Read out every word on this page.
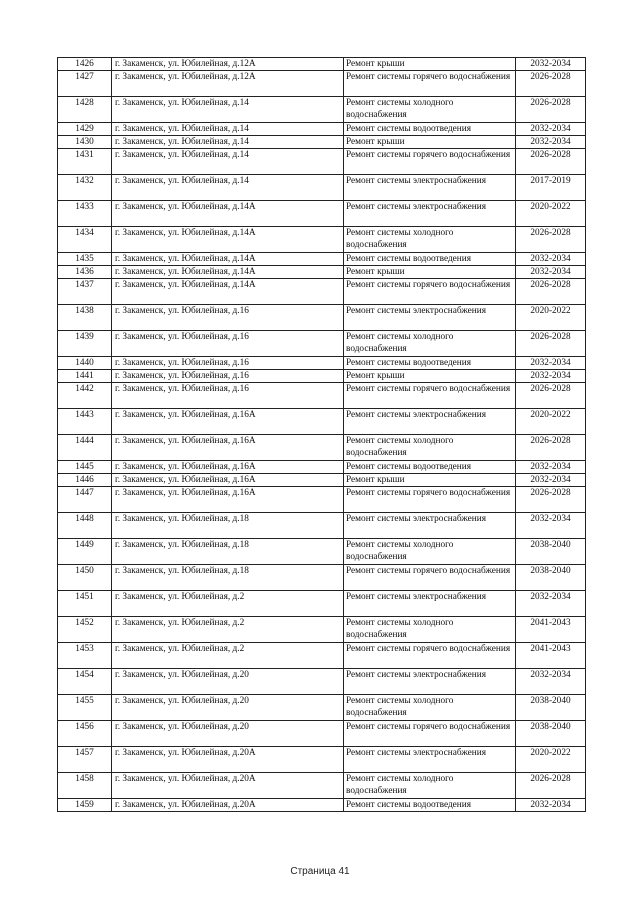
1426	г. Закаменск, ул. Юбилейная, д.12А	Ремонт крыши	2032-2034
1427	г. Закаменск, ул. Юбилейная, д.12А	Ремонт системы горячего водоснабжения	2026-2028
1428	г. Закаменск, ул. Юбилейная, д.14	Ремонт системы холодного водоснабжения	2026-2028
1429	г. Закаменск, ул. Юбилейная, д.14	Ремонт системы водоотведения	2032-2034
1430	г. Закаменск, ул. Юбилейная, д.14	Ремонт крыши	2032-2034
1431	г. Закаменск, ул. Юбилейная, д.14	Ремонт системы горячего водоснабжения	2026-2028
1432	г. Закаменск, ул. Юбилейная, д.14	Ремонт системы электроснабжения	2017-2019
1433	г. Закаменск, ул. Юбилейная, д.14А	Ремонт системы электроснабжения	2020-2022
1434	г. Закаменск, ул. Юбилейная, д.14А	Ремонт системы холодного водоснабжения	2026-2028
1435	г. Закаменск, ул. Юбилейная, д.14А	Ремонт системы водоотведения	2032-2034
1436	г. Закаменск, ул. Юбилейная, д.14А	Ремонт крыши	2032-2034
1437	г. Закаменск, ул. Юбилейная, д.14А	Ремонт системы горячего водоснабжения	2026-2028
1438	г. Закаменск, ул. Юбилейная, д.16	Ремонт системы электроснабжения	2020-2022
1439	г. Закаменск, ул. Юбилейная, д.16	Ремонт системы холодного водоснабжения	2026-2028
1440	г. Закаменск, ул. Юбилейная, д.16	Ремонт системы водоотведения	2032-2034
1441	г. Закаменск, ул. Юбилейная, д.16	Ремонт крыши	2032-2034
1442	г. Закаменск, ул. Юбилейная, д.16	Ремонт системы горячего водоснабжения	2026-2028
1443	г. Закаменск, ул. Юбилейная, д.16А	Ремонт системы электроснабжения	2020-2022
1444	г. Закаменск, ул. Юбилейная, д.16А	Ремонт системы холодного водоснабжения	2026-2028
1445	г. Закаменск, ул. Юбилейная, д.16А	Ремонт системы водоотведения	2032-2034
1446	г. Закаменск, ул. Юбилейная, д.16А	Ремонт крыши	2032-2034
1447	г. Закаменск, ул. Юбилейная, д.16А	Ремонт системы горячего водоснабжения	2026-2028
1448	г. Закаменск, ул. Юбилейная, д.18	Ремонт системы электроснабжения	2032-2034
1449	г. Закаменск, ул. Юбилейная, д.18	Ремонт системы холодного водоснабжения	2038-2040
1450	г. Закаменск, ул. Юбилейная, д.18	Ремонт системы горячего водоснабжения	2038-2040
1451	г. Закаменск, ул. Юбилейная, д.2	Ремонт системы электроснабжения	2032-2034
1452	г. Закаменск, ул. Юбилейная, д.2	Ремонт системы холодного водоснабжения	2041-2043
1453	г. Закаменск, ул. Юбилейная, д.2	Ремонт системы горячего водоснабжения	2041-2043
1454	г. Закаменск, ул. Юбилейная, д.20	Ремонт системы электроснабжения	2032-2034
1455	г. Закаменск, ул. Юбилейная, д.20	Ремонт системы холодного водоснабжения	2038-2040
1456	г. Закаменск, ул. Юбилейная, д.20	Ремонт системы горячего водоснабжения	2038-2040
1457	г. Закаменск, ул. Юбилейная, д.20А	Ремонт системы электроснабжения	2020-2022
1458	г. Закаменск, ул. Юбилейная, д.20А	Ремонт системы холодного водоснабжения	2026-2028
1459	г. Закаменск, ул. Юбилейная, д.20А	Ремонт системы водоотведения	2032-2034
Страница 41
